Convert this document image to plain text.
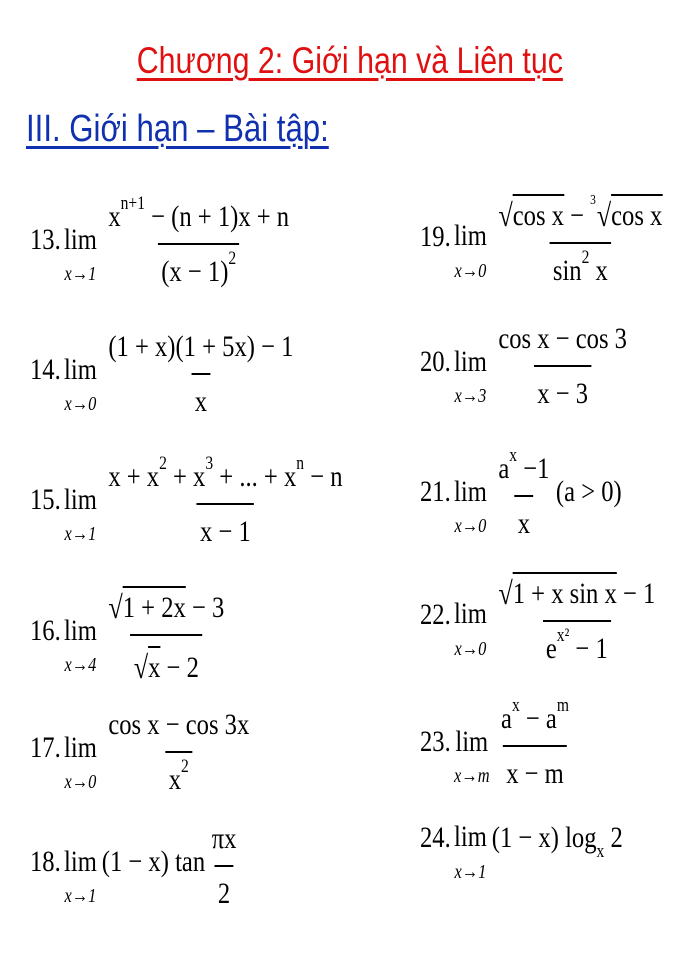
Chương 2: Giới hạn và Liên tục
III. Giới hạn – Bài tập:
13. lim
$x\to 1 \frac{\text{x n+1 − (n + 1)x + n}}{(x - 1) 2}$
14. lim
$x\to 0 \frac{(1 + x)(1 + 5x) - 1}{x}$
15. lim
$x\to 1 \frac{\text{x + x 2 + x 3 + ... + x n − n}}{x - 1}$
16. lim
$x\to 4 \frac{√ 1 + 2x - 3}{√ x - 2}$
17. lim
$x\to 0 \frac{\text{cos x − cos 3x}}{x 2}$
18. lim
x→1
(1 − x) $\tan \frac{\pi x}{2}$
19. lim
$x\to 0 \frac{\text{√ cos x − 3 √ cos x}}{\sin 2 x}$
20. lim
$x\to 3 \frac{\text{cos x − cos 3}}{x - 3}$
21. lim
$x\to 0 \frac{\text{a x −1}}{x} (a > 0)$
22. lim
$x\to 0 \frac{\text{√ 1 + x sin x − 1}}{\text{e x² − 1}}$
23. lim
$x\to m \frac{\text{a x − a m}}{x - m}$
24. lim
x→1
(1 − x) log x 2
